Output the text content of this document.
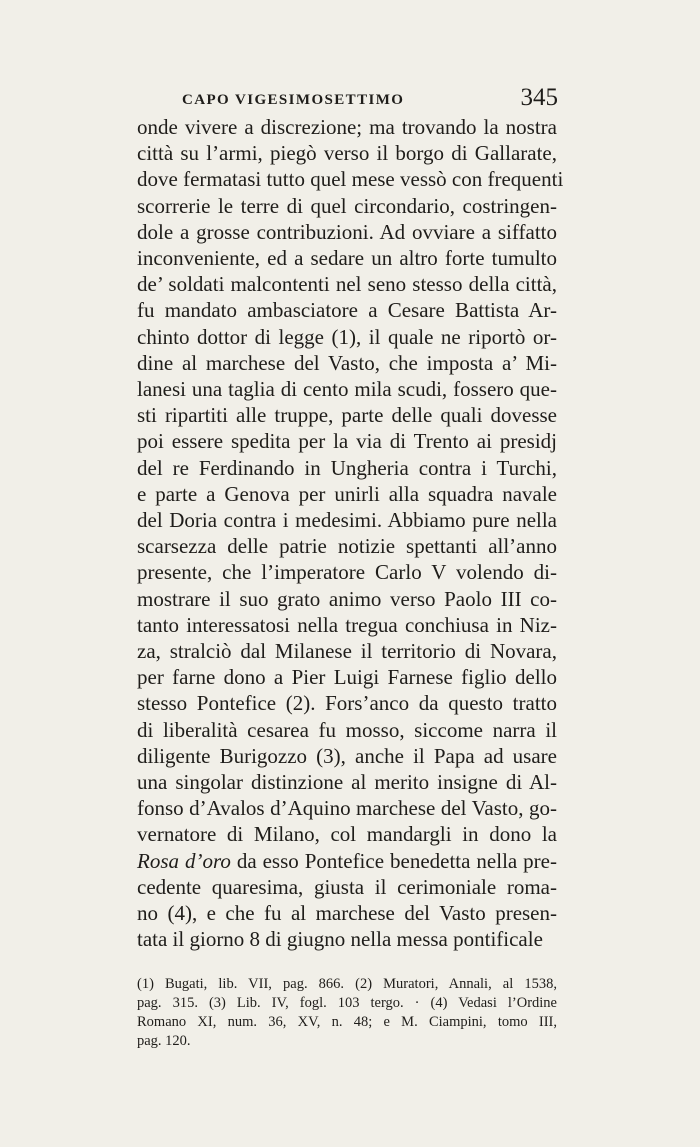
CAPO VIGESIMOSETTIMO	345
onde vivere a discrezione; ma trovando la nostra
città su l’armi, piegò verso il borgo di Gallarate,
dove fermatasi tutto quel mese vessò con frequenti
scorrerie le terre di quel circondario, costringen-
dole a grosse contribuzioni. Ad ovviare a siffatto
inconveniente, ed a sedare un altro forte tumulto
de’ soldati malcontenti nel seno stesso della città,
fu mandato ambasciatore a Cesare Battista Ar-
chinto dottor di legge (1), il quale ne riportò or-
dine al marchese del Vasto, che imposta a’ Mi-
lanesi una taglia di cento mila scudi, fossero que-
sti ripartiti alle truppe, parte delle quali dovesse
poi essere spedita per la via di Trento ai presidj
del re Ferdinando in Ungheria contra i Turchi,
e parte a Genova per unirli alla squadra navale
del Doria contra i medesimi. Abbiamo pure nella
scarsezza delle patrie notizie spettanti all’anno
presente, che l’imperatore Carlo V volendo di-
mostrare il suo grato animo verso Paolo III co-
tanto interessatosi nella tregua conchiusa in Niz-
za, stralciò dal Milanese il territorio di Novara,
per farne dono a Pier Luigi Farnese figlio dello
stesso Pontefice (2). Fors’anco da questo tratto
di liberalità cesarea fu mosso, siccome narra il
diligente Burigozzo (3), anche il Papa ad usare
una singolar distinzione al merito insigne di Al-
fonso d’Avalos d’Aquino marchese del Vasto, go-
vernatore di Milano, col mandargli in dono la
Rosa d’oro da esso Pontefice benedetta nella pre-
cedente quaresima, giusta il cerimoniale roma-
no (4), e che fu al marchese del Vasto presen-
tata il giorno 8 di giugno nella messa pontificale
(1) Bugati, lib. VII, pag. 866. (2) Muratori, Annali, al 1538,
pag. 315. (3) Lib. IV, fogl. 103 tergo. · (4) Vedasi l’Ordine
Romano XI, num. 36, XV, n. 48; e M. Ciampini, tomo III,
pag. 120.
